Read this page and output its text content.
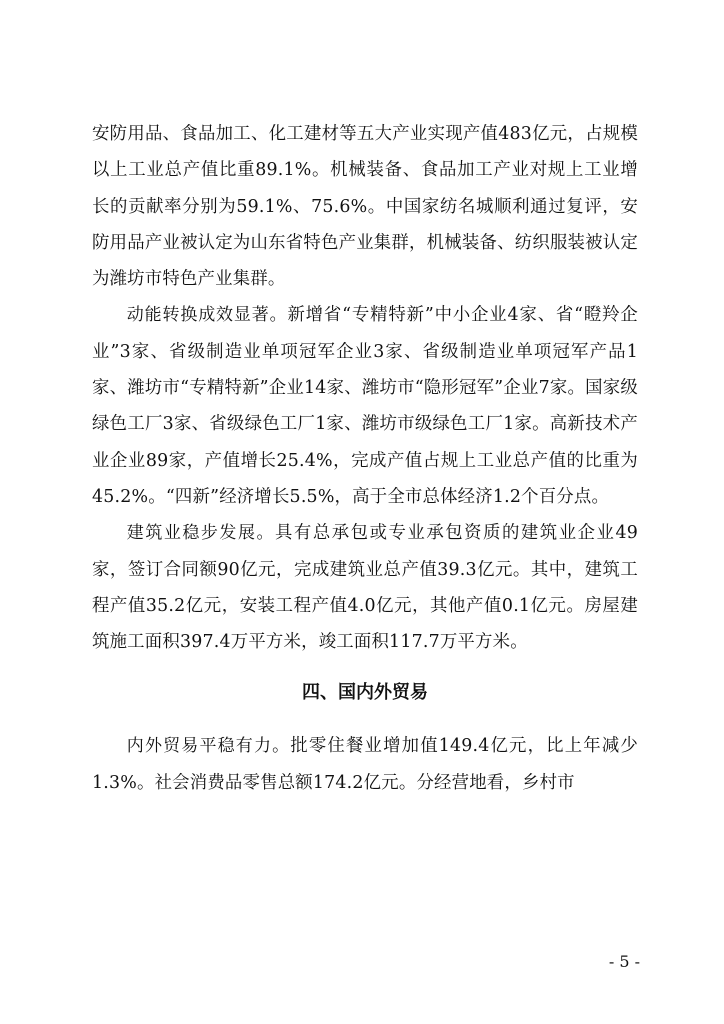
安防用品、食品加工、化工建材等五大产业实现产值483亿元，占规模以上工业总产值比重89.1%。机械装备、食品加工产业对规上工业增长的贡献率分别为59.1%、75.6%。中国家纺名城顺利通过复评，安防用品产业被认定为山东省特色产业集群，机械装备、纺织服装被认定为潍坊市特色产业集群。

动能转换成效显著。新增省“专精特新”中小企业4家、省“瞪羚企业”3家、省级制造业单项冠军企业3家、省级制造业单项冠军产品1家、潍坊市“专精特新”企业14家、潍坊市“隐形冠军”企业7家。国家级绿色工厂3家、省级绿色工厂1家、潍坊市级绿色工厂1家。高新技术产业企业89家，产值增长25.4%，完成产值占规上工业总产值的比重为45.2%。“四新”经济增长5.5%，高于全市总体经济1.2个百分点。

建筑业稳步发展。具有总承包或专业承包资质的建筑业企业49家，签订合同额90亿元，完成建筑业总产值39.3亿元。其中，建筑工程产值35.2亿元，安装工程产值4.0亿元，其他产值0.1亿元。房屋建筑施工面积397.4万平方米，竣工面积117.7万平方米。

四、国内外贸易

内外贸易平稳有力。批零住餐业增加值149.4亿元，比上年减少1.3%。社会消费品零售总额174.2亿元。分经营地看，乡村市

- 5 -
